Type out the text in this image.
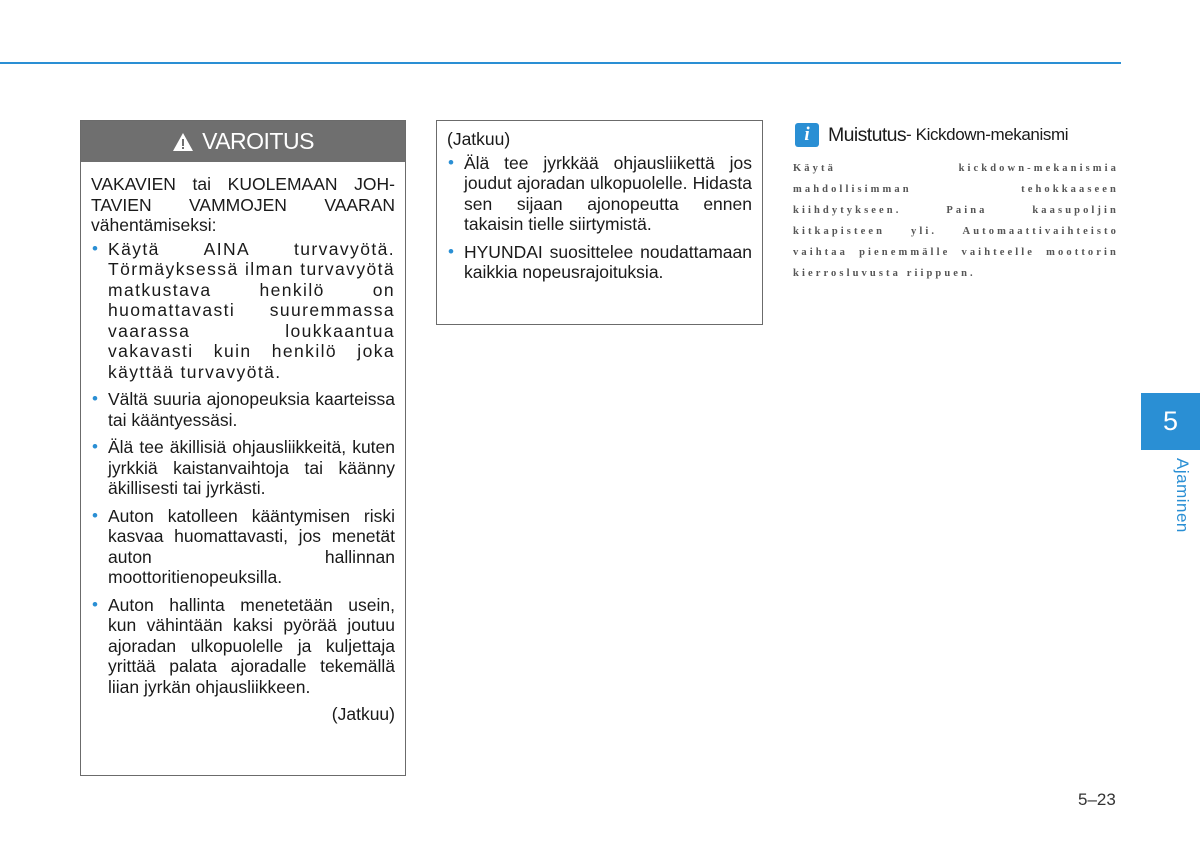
VAROITUS

VAKAVIEN tai KUOLEMAAN JOH-TAVIEN VAMMOJEN VAARAN vähentämiseksi:

• Käytä AINA turvavyötä. Törmäyksessä ilman turvavyötä matkustava henkilö on huomattavasti suuremmassa vaarassa loukkaantua vakavasti kuin henkilö joka käyttää turvavyötä.
• Vältä suuria ajonopeuksia kaarteissa tai kääntyessäsi.
• Älä tee äkillisiä ohjausliikkeitä, kuten jyrkkiä kaistanvaihtoja tai käänny äkillisesti tai jyrkästi.
• Auton katolleen kääntymisen riski kasvaa huomattavasti, jos menetät auton hallinnan moottoritienopeuksilla.
• Auton hallinta menetetään usein, kun vähintään kaksi pyörää joutuu ajoradan ulkopuolelle ja kuljettaja yrittää palata ajoradalle tekemällä liian jyrkän ohjausliikkeen.
(Jatkuu)

(Jatkuu)

• Älä tee jyrkkää ohjausliikettä jos joudut ajoradan ulkopuolelle. Hidasta sen sijaan ajonopeutta ennen takaisin tielle siirtymistä.
• HYUNDAI suosittelee noudattamaan kaikkia nopeusrajoituksia.
i Muistutus - Kickdown-mekanismi
Käytä kickdown-mekanismia mahdollisimman tehokkaaseen kiihdytykseen. Paina kaasupoljin kitkapisteen yli. Automaattivaihteisto vaihtaa pienemmälle vaihteelle moottorin kierrosluvusta riippuen.
5
Ajaminen
5–23
